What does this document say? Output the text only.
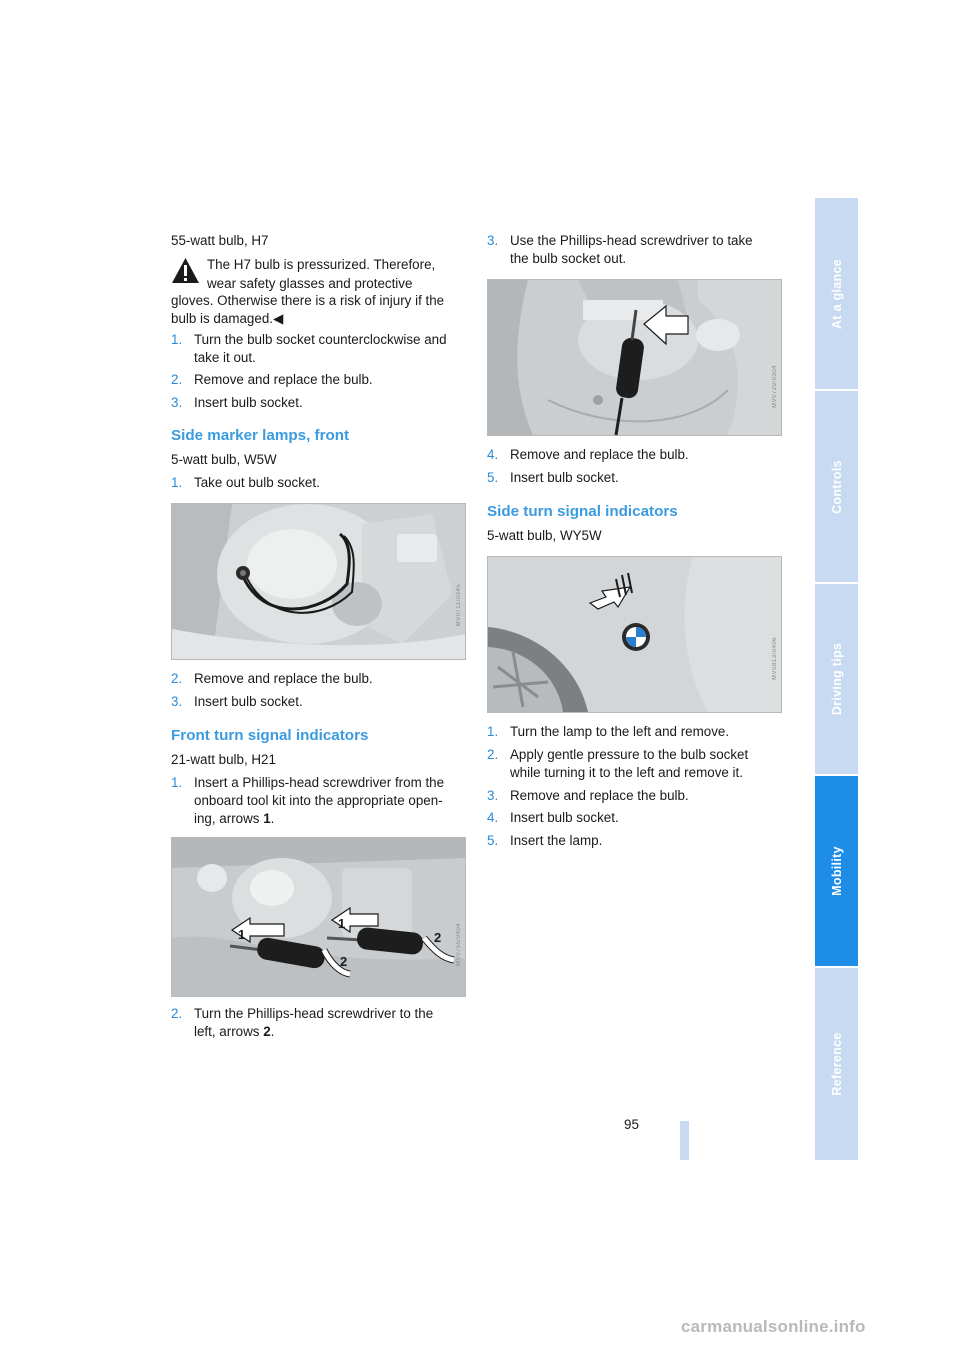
55-watt bulb, H7
The H7 bulb is pressurized. Therefore,
wear safety glasses and protective
gloves. Otherwise there is a risk of injury if the
bulb is damaged.◀
1. Turn the bulb socket counterclockwise and
take it out.
2. Remove and replace the bulb.
3. Insert bulb socket.
Side marker lamps, front
5-watt bulb, W5W
1. Take out bulb socket.
MV0711/0345
2. Remove and replace the bulb.
3. Insert bulb socket.
Front turn signal indicators
21-watt bulb, H21
1. Insert a Phillips-head screwdriver from the
onboard tool kit into the appropriate open-
ing, arrows 1.
1
1
2
2 MV0755/0404
2. Turn the Phillips-head screwdriver to the
left, arrows 2.
3. Use the Phillips-head screwdriver to take
the bulb socket out.
MV0729/0304
4. Remove and replace the bulb.
5. Insert bulb socket.
Side turn signal indicators
5-watt bulb, WY5W
MV0813/0406
1. Turn the lamp to the left and remove.
2. Apply gentle pressure to the bulb socket
while turning it to the left and remove it.
3. Remove and replace the bulb.
4. Insert bulb socket.
5. Insert the lamp.
At a glance
Controls
Driving tips
Mobility
Reference
95
carmanualsonline.info
